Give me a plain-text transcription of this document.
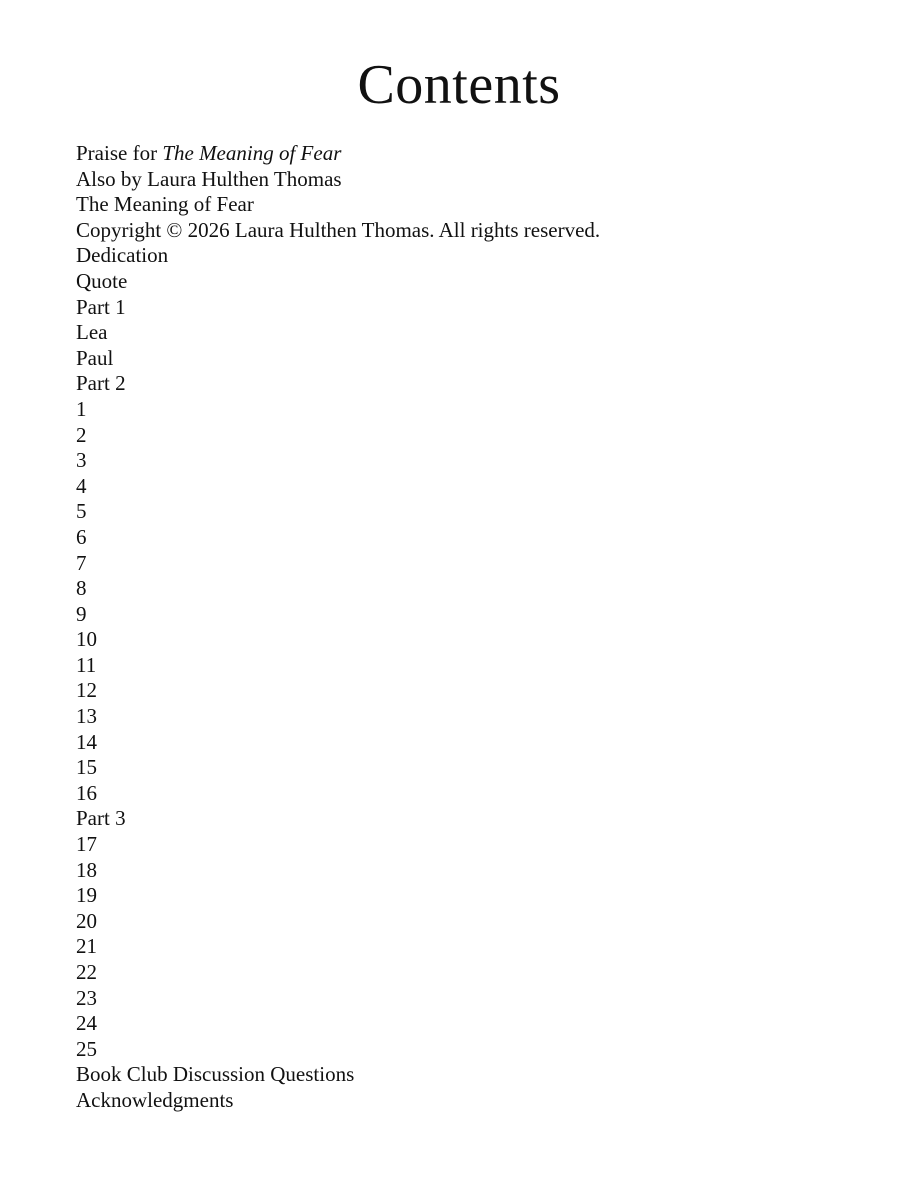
Contents
Praise for The Meaning of Fear
Also by Laura Hulthen Thomas
The Meaning of Fear
Copyright © 2026 Laura Hulthen Thomas. All rights reserved.
Dedication
Quote
Part 1
Lea
Paul
Part 2
1
2
3
4
5
6
7
8
9
10
11
12
13
14
15
16
Part 3
17
18
19
20
21
22
23
24
25
Book Club Discussion Questions
Acknowledgments
